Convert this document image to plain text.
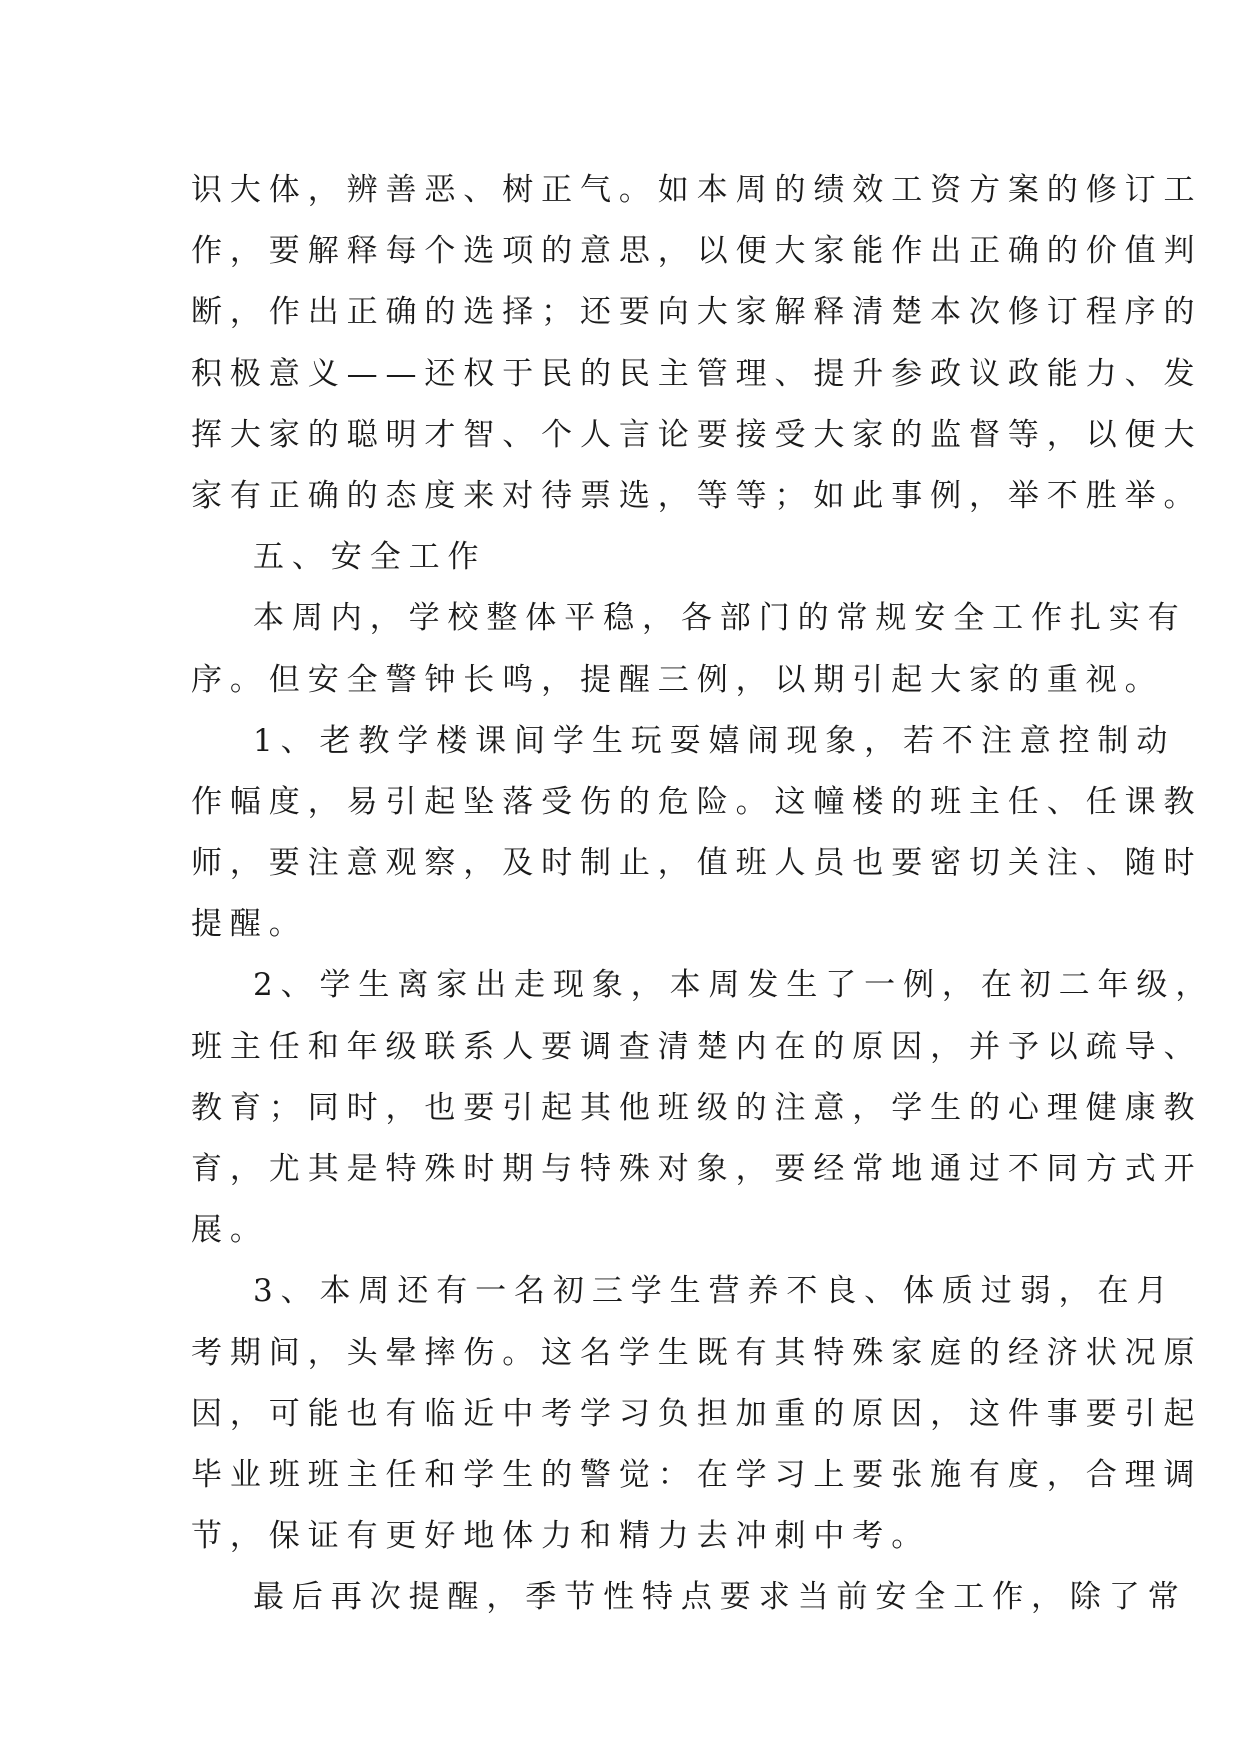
识大体，辨善恶、树正气。如本周的绩效工资方案的修订工
作，要解释每个选项的意思，以便大家能作出正确的价值判
断，作出正确的选择；还要向大家解释清楚本次修订程序的
积极意义——还权于民的民主管理、提升参政议政能力、发
挥大家的聪明才智、个人言论要接受大家的监督等，以便大
家有正确的态度来对待票选，等等；如此事例，举不胜举。
五、安全工作
本周内，学校整体平稳，各部门的常规安全工作扎实有
序。但安全警钟长鸣，提醒三例，以期引起大家的重视。
1、老教学楼课间学生玩耍嬉闹现象，若不注意控制动
作幅度，易引起坠落受伤的危险。这幢楼的班主任、任课教
师，要注意观察，及时制止，值班人员也要密切关注、随时
提醒。
2、学生离家出走现象，本周发生了一例，在初二年级，
班主任和年级联系人要调查清楚内在的原因，并予以疏导、
教育；同时，也要引起其他班级的注意，学生的心理健康教
育，尤其是特殊时期与特殊对象，要经常地通过不同方式开
展。
3、本周还有一名初三学生营养不良、体质过弱，在月
考期间，头晕摔伤。这名学生既有其特殊家庭的经济状况原
因，可能也有临近中考学习负担加重的原因，这件事要引起
毕业班班主任和学生的警觉：在学习上要张施有度，合理调
节，保证有更好地体力和精力去冲刺中考。
最后再次提醒，季节性特点要求当前安全工作，除了常
